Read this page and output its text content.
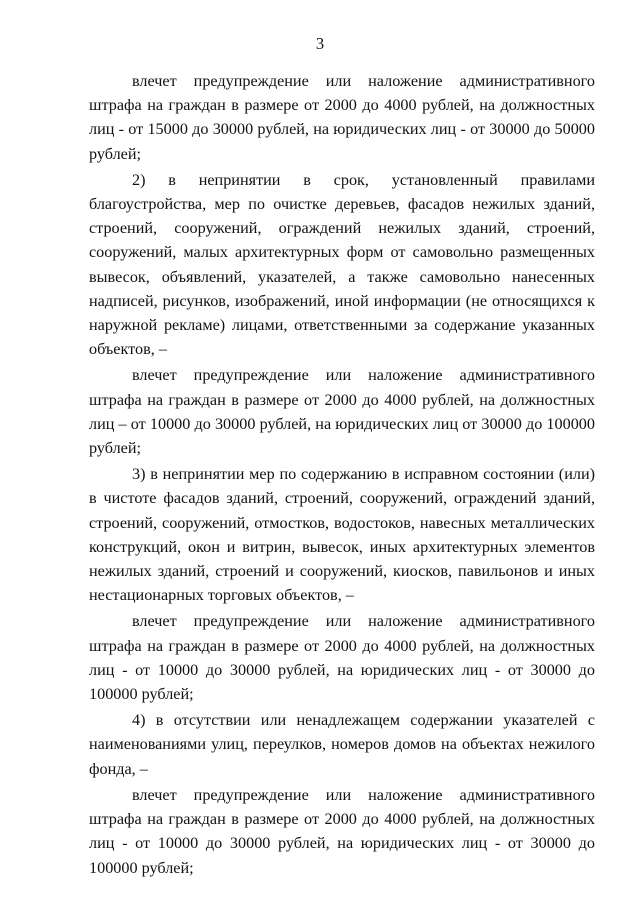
3

влечет предупреждение или наложение административного штрафа на граждан в размере от 2000 до 4000 рублей, на должностных лиц - от 15000 до 30000 рублей, на юридических лиц - от 30000 до 50000 рублей;

2) в непринятии в срок, установленный правилами благоустройства, мер по очистке деревьев, фасадов нежилых зданий, строений, сооружений, ограждений нежилых зданий, строений, сооружений, малых архитектурных форм от самовольно размещенных вывесок, объявлений, указателей, а также самовольно нанесенных надписей, рисунков, изображений, иной информации (не относящихся к наружной рекламе) лицами, ответственными за содержание указанных объектов, –

влечет предупреждение или наложение административного штрафа на граждан в размере от 2000 до 4000 рублей, на должностных лиц – от 10000 до 30000 рублей, на юридических лиц от 30000 до 100000 рублей;

3) в непринятии мер по содержанию в исправном состоянии (или) в чистоте фасадов зданий, строений, сооружений, ограждений зданий, строений, сооружений, отмостков, водостоков, навесных металлических конструкций, окон и витрин, вывесок, иных архитектурных элементов нежилых зданий, строений и сооружений, киосков, павильонов и иных нестационарных торговых объектов, –

влечет предупреждение или наложение административного штрафа на граждан в размере от 2000 до 4000 рублей, на должностных лиц - от 10000 до 30000 рублей, на юридических лиц - от 30000 до 100000 рублей;

4) в отсутствии или ненадлежащем содержании указателей с наименованиями улиц, переулков, номеров домов на объектах нежилого фонда, –

влечет предупреждение или наложение административного штрафа на граждан в размере от 2000 до 4000 рублей, на должностных лиц - от 10000 до 30000 рублей, на юридических лиц - от 30000 до 100000 рублей;
